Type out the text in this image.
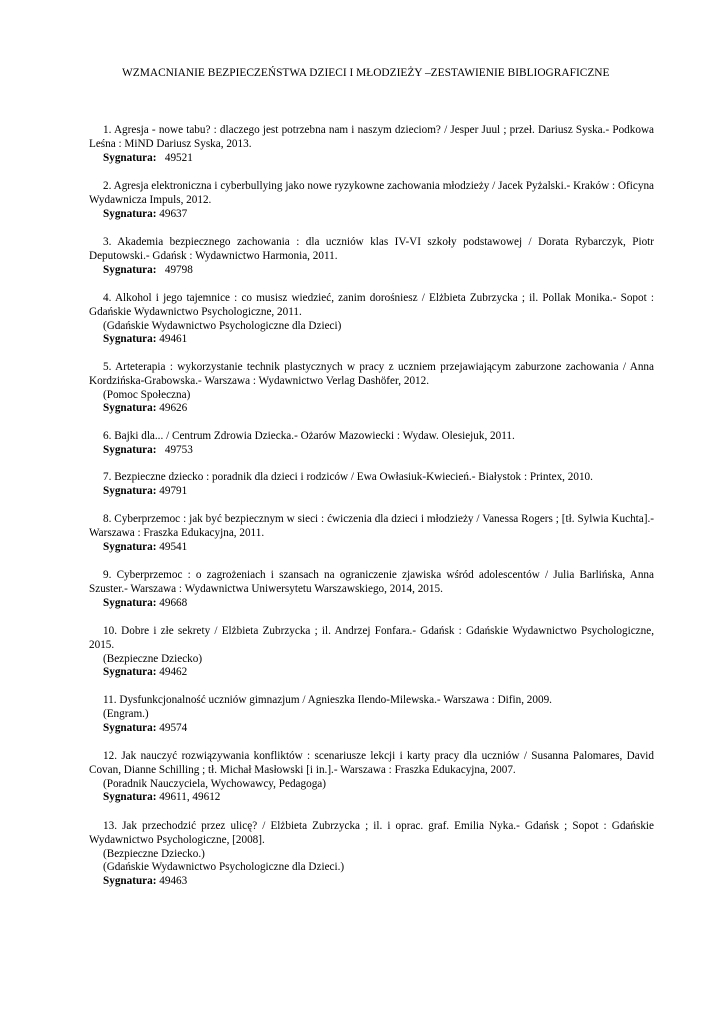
WZMACNIANIE BEZPIECZEŃSTWA DZIECI I MŁODZIEŻY –ZESTAWIENIE BIBLIOGRAFICZNE

1. Agresja - nowe tabu? : dlaczego jest potrzebna nam i naszym dzieciom? / Jesper Juul ; przeł. Dariusz Syska.- Podkowa Leśna : MiND Dariusz Syska, 2013.

Sygnatura:   49521

2. Agresja elektroniczna i cyberbullying jako nowe ryzykowne zachowania młodzieży / Jacek Pyżalski.- Kraków : Oficyna Wydawnicza Impuls, 2012.

Sygnatura: 49637

3. Akademia bezpiecznego zachowania : dla uczniów klas IV-VI szkoły podstawowej / Dorata Rybarczyk, Piotr Deputowski.- Gdańsk : Wydawnictwo Harmonia, 2011.

Sygnatura:   49798

4. Alkohol i jego tajemnice : co musisz wiedzieć, zanim dorośniesz / Elżbieta Zubrzycka ; il. Pollak Monika.- Sopot : Gdańskie Wydawnictwo Psychologiczne, 2011.

(Gdańskie Wydawnictwo Psychologiczne dla Dzieci)

Sygnatura: 49461

5. Arteterapia : wykorzystanie technik plastycznych w pracy z uczniem przejawiającym zaburzone zachowania / Anna Kordzińska-Grabowska.- Warszawa : Wydawnictwo Verlag Dashöfer, 2012.

(Pomoc Społeczna)

Sygnatura: 49626

6. Bajki dla... / Centrum Zdrowia Dziecka.- Ożarów Mazowiecki : Wydaw. Olesiejuk, 2011.

Sygnatura:   49753

7. Bezpieczne dziecko : poradnik dla dzieci i rodziców / Ewa Owłasiuk-Kwiecień.- Białystok : Printex, 2010.

Sygnatura: 49791

8. Cyberprzemoc : jak być bezpiecznym w sieci : ćwiczenia dla dzieci i młodzieży / Vanessa Rogers ; [tł. Sylwia Kuchta].- Warszawa : Fraszka Edukacyjna, 2011.

Sygnatura: 49541

9. Cyberprzemoc : o zagrożeniach i szansach na ograniczenie zjawiska wśród adolescentów / Julia Barlińska, Anna Szuster.- Warszawa : Wydawnictwa Uniwersytetu Warszawskiego, 2014, 2015.

Sygnatura: 49668

10. Dobre i złe sekrety / Elżbieta Zubrzycka ; il. Andrzej Fonfara.- Gdańsk : Gdańskie Wydawnictwo Psychologiczne, 2015.

(Bezpieczne Dziecko)

Sygnatura: 49462

11. Dysfunkcjonalność uczniów gimnazjum / Agnieszka Ilendo-Milewska.- Warszawa : Difin, 2009.

(Engram.)

Sygnatura: 49574

12. Jak nauczyć rozwiązywania konfliktów : scenariusze lekcji i karty pracy dla uczniów / Susanna Palomares, David Covan, Dianne Schilling ; tł. Michał Masłowski [i in.].- Warszawa : Fraszka Edukacyjna, 2007.

(Poradnik Nauczyciela, Wychowawcy, Pedagoga)

Sygnatura: 49611, 49612

13. Jak przechodzić przez ulicę? / Elżbieta Zubrzycka ; il. i oprac. graf. Emilia Nyka.- Gdańsk ; Sopot : Gdańskie Wydawnictwo Psychologiczne, [2008].

(Bezpieczne Dziecko.)

(Gdańskie Wydawnictwo Psychologiczne dla Dzieci.)

Sygnatura: 49463
